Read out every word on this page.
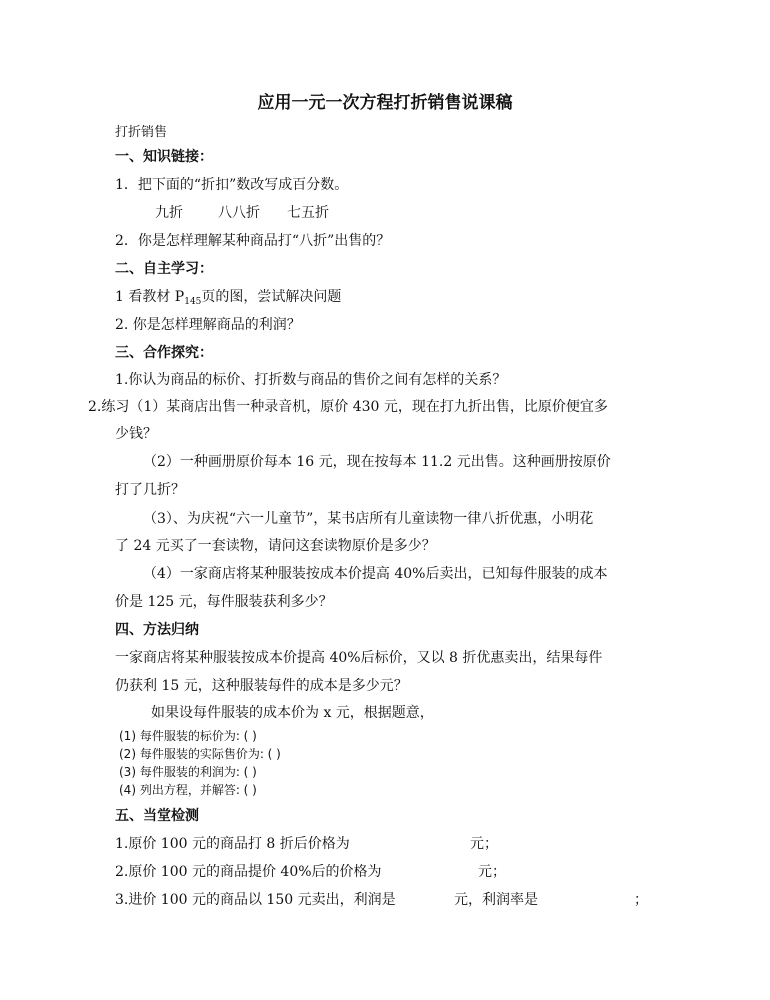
应用一元一次方程打折销售说课稿
打折销售
一、知识链接：
1．把下面的“折扣”数改写成百分数。
九折	八八折 七五折
2．你是怎样理解某种商品打“八折”出售的？
二、自主学习：
1 看教材 $P_{145}$页的图，尝试解决问题
2. 你是怎样理解商品的利润？
三、合作探究：
1.你认为商品的标价、打折数与商品的售价之间有怎样的关系？
2.练习（1）某商店出售一种录音机，原价 430 元，现在打九折出售，比原价便宜多
少钱？
（2）一种画册原价每本 16 元，现在按每本 11.2 元出售。这种画册按原价
打了几折？
（3）、为庆祝“六一儿童节”，某书店所有儿童读物一律八折优惠，小明花
了 24 元买了一套读物，请问这套读物原价是多少？
（4）一家商店将某种服装按成本价提高 40%后卖出，已知每件服装的成本
价是 125 元，每件服装获利多少？
四、方法归纳
一家商店将某种服装按成本价提高 40%后标价，又以 8 折优惠卖出，结果每件
仍获利 15 元，这种服装每件的成本是多少元？
如果设每件服装的成本价为 x 元，根据题意，
(1) 每件服装的标价为: ( )
(2) 每件服装的实际售价为: ( )
(3) 每件服装的利润为: ( )
(4) 列出方程，并解答: ( )
五、当堂检测
1.原价 100 元的商品打 8 折后价格为	元；
2.原价 100 元的商品提价 40%后的价格为	元；
3.进价 100 元的商品以 150 元卖出，利润是	元，利润率是	；
